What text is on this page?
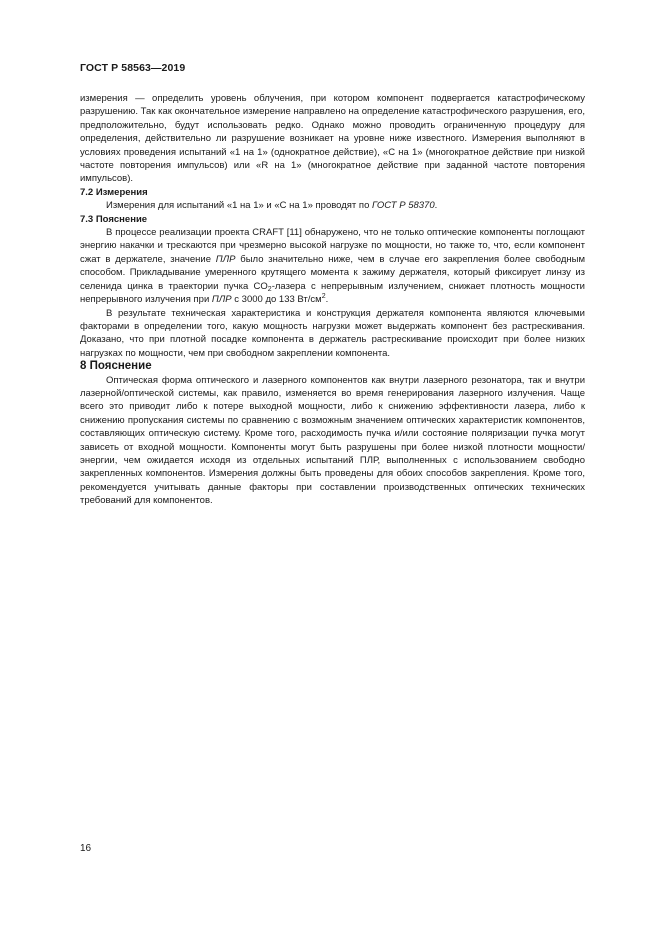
ГОСТ Р 58563—2019

измерения — определить уровень облучения, при котором компонент подвергается катастрофическому разрушению. Так как окончательное измерение направлено на определение катастрофического разрушения, его, предположительно, будут использовать редко. Однако можно проводить ограниченную процедуру для определения, действительно ли разрушение возникает на уровне ниже известного. Измерения выполняют в условиях проведения испытаний «1 на 1» (однократное действие), «С на 1» (многократное действие при низкой частоте повторения импульсов) или «R на 1» (многократное действие при заданной частоте повторения импульсов).

7.2 Измерения

Измерения для испытаний «1 на 1» и «С на 1» проводят по ГОСТ Р 58370.

7.3 Пояснение

В процессе реализации проекта CRAFT [11] обнаружено, что не только оптические компоненты поглощают энергию накачки и трескаются при чрезмерно высокой нагрузке по мощности, но также то, что, если компонент сжат в держателе, значение ПЛР было значительно ниже, чем в случае его закрепления более свободным способом. Прикладывание умеренного крутящего момента к зажиму держателя, который фиксирует линзу из селенида цинка в траектории пучка $CO_2$-лазера с непрерывным излучением, снижает плотность мощности непрерывного излучения при ПЛР с 3000 до 133 $Вт/см^2$.

В результате техническая характеристика и конструкция держателя компонента являются ключевыми факторами в определении того, какую мощность нагрузки может выдержать компонент без растрескивания. Доказано, что при плотной посадке компонента в держатель растрескивание происходит при более низких нагрузках по мощности, чем при свободном закреплении компонента.

8 Пояснение

Оптическая форма оптического и лазерного компонентов как внутри лазерного резонатора, так и внутри лазерной/оптической системы, как правило, изменяется во время генерирования лазерного излучения. Чаще всего это приводит либо к потере выходной мощности, либо к снижению эффективности лазера, либо к снижению пропускания системы по сравнению с возможным значением оптических характеристик компонентов, составляющих оптическую систему. Кроме того, расходимость пучка и/или состояние поляризации пучка могут зависеть от входной мощности. Компоненты могут быть разрушены при более низкой плотности мощности/энергии, чем ожидается исходя из отдельных испытаний ПЛР, выполненных с использованием свободно закрепленных компонентов. Измерения должны быть проведены для обоих способов закрепления. Кроме того, рекомендуется учитывать данные факторы при составлении производственных оптических технических требований для компонентов.

16
